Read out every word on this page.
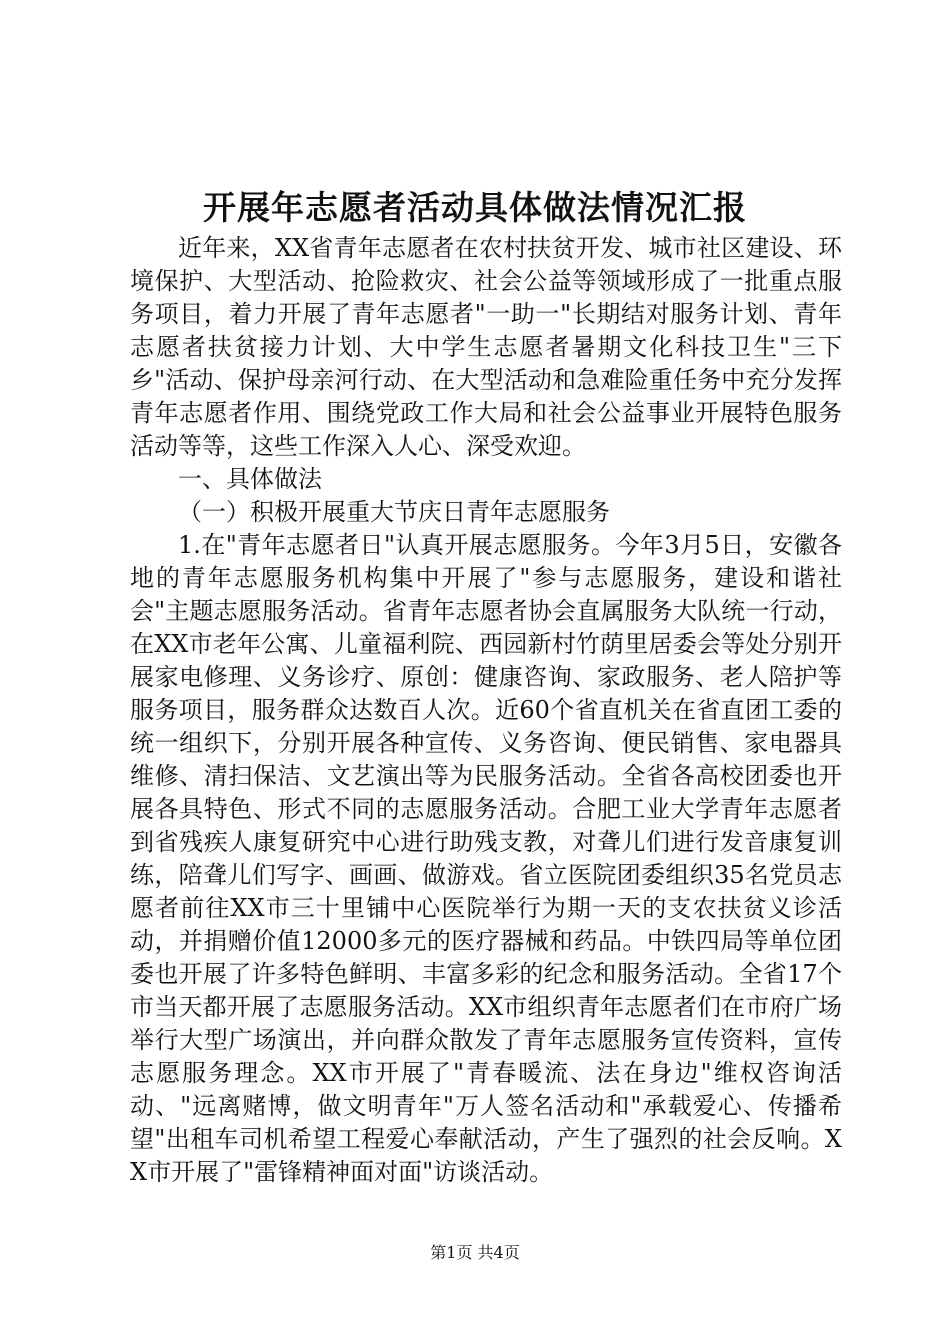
开展年志愿者活动具体做法情况汇报

近年来，XX省青年志愿者在农村扶贫开发、城市社区建设、环境保护、大型活动、抢险救灾、社会公益等领域形成了一批重点服务项目，着力开展了青年志愿者"一助一"长期结对服务计划、青年志愿者扶贫接力计划、大中学生志愿者暑期文化科技卫生"三下乡"活动、保护母亲河行动、在大型活动和急难险重任务中充分发挥青年志愿者作用、围绕党政工作大局和社会公益事业开展特色服务活动等等，这些工作深入人心、深受欢迎。

一、具体做法

（一）积极开展重大节庆日青年志愿服务

1.在"青年志愿者日"认真开展志愿服务。今年3月5日，安徽各地的青年志愿服务机构集中开展了"参与志愿服务，建设和谐社会"主题志愿服务活动。省青年志愿者协会直属服务大队统一行动，在XX市老年公寓、儿童福利院、西园新村竹荫里居委会等处分别开展家电修理、义务诊疗、原创：健康咨询、家政服务、老人陪护等服务项目，服务群众达数百人次。近60个省直机关在省直团工委的统一组织下，分别开展各种宣传、义务咨询、便民销售、家电器具维修、清扫保洁、文艺演出等为民服务活动。全省各高校团委也开展各具特色、形式不同的志愿服务活动。合肥工业大学青年志愿者到省残疾人康复研究中心进行助残支教，对聋儿们进行发音康复训练，陪聋儿们写字、画画、做游戏。省立医院团委组织35名党员志愿者前往XX市三十里铺中心医院举行为期一天的支农扶贫义诊活动，并捐赠价值12000多元的医疗器械和药品。中铁四局等单位团委也开展了许多特色鲜明、丰富多彩的纪念和服务活动。全省17个市当天都开展了志愿服务活动。XX市组织青年志愿者们在市府广场举行大型广场演出，并向群众散发了青年志愿服务宣传资料，宣传志愿服务理念。XX市开展了"青春暖流、法在身边"维权咨询活动、"远离赌博，做文明青年"万人签名活动和"承载爱心、传播希望"出租车司机希望工程爱心奉献活动，产生了强烈的社会反响。XX市开展了"雷锋精神面对面"访谈活动。

第1页 共4页
